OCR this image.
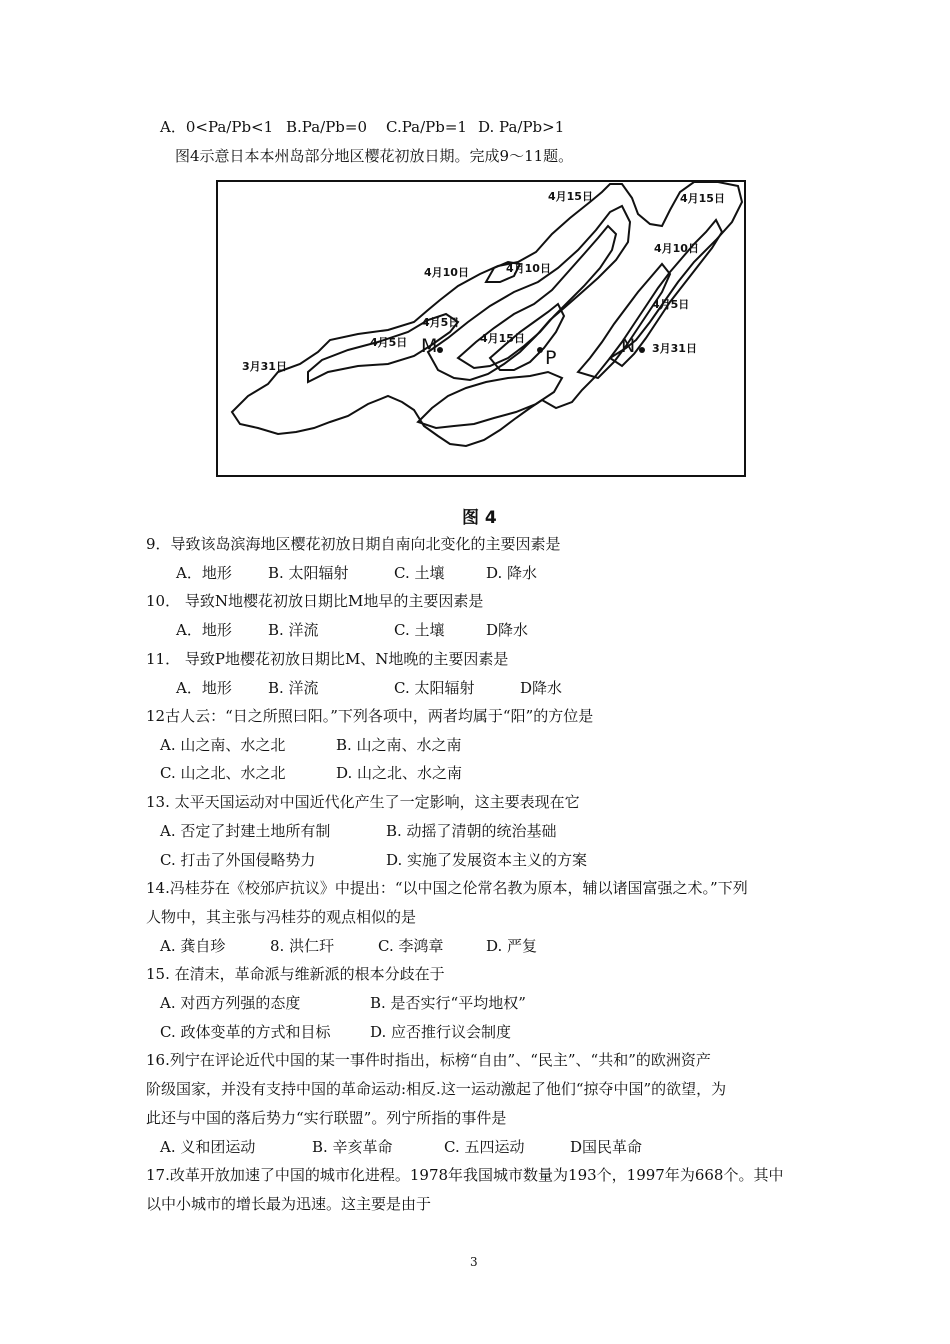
A．0<Pa/Pb<1 B.Pa/Pb=0 C.Pa/Pb=1 D. Pa/Pb>1
图4示意日本本州岛部分地区樱花初放日期。完成9～11题。
M
P
N
4月15日	4月15日
4月10日
4月10日	4月10日
4月5日
4月5日
4月5日	4月15日
3月31日
3月31日
图 4
9．导致该岛滨海地区樱花初放日期自南向北变化的主要因素是
A．地形 B. 太阳辐射	C. 土壤	D. 降水
10． 导致N地樱花初放日期比M地早的主要因素是
A．地形 B. 洋流	C. 土壤	D降水
11． 导致P地樱花初放日期比M、N地晚的主要因素是
A．地形 B. 洋流	C. 太阳辐射	D降水
12古人云：“日之所照曰阳。”下列各项中，两者均属于“阳”的方位是
A. 山之南、水之北	B. 山之南、水之南
C. 山之北、水之北	D. 山之北、水之南
13. 太平天国运动对中国近代化产生了一定影响，这主要表现在它
A. 否定了封建土地所有制	B. 动摇了清朝的统治基础
C. 打击了外国侵略势力	D. 实施了发展资本主义的方案
14.冯桂芬在《校邠庐抗议》中提出：“以中国之伦常名教为原本，辅以诸国富强之术。”下列
人物中，其主张与冯桂芬的观点相似的是
A. 龚自珍	8. 洪仁玕	C. 李鸿章	D. 严复
15. 在清末，革命派与维新派的根本分歧在于
A. 对西方列强的态度	B. 是否实行“平均地权”
C. 政体变革的方式和目标	D. 应否推行议会制度
16.列宁在评论近代中国的某一事件时指出，标榜“自由”、“民主”、“共和”的欧洲资产
阶级国家，并没有支持中国的革命运动:相反.这一运动激起了他们“掠夺中国”的欲望，为
此还与中国的落后势力“实行联盟”。列宁所指的事件是
A. 义和团运动	B. 辛亥革命	C. 五四运动	D国民革命
17.改革开放加速了中国的城市化进程。1978年我国城市数量为193个，1997年为668个。其中
以中小城市的增长最为迅速。这主要是由于
3
